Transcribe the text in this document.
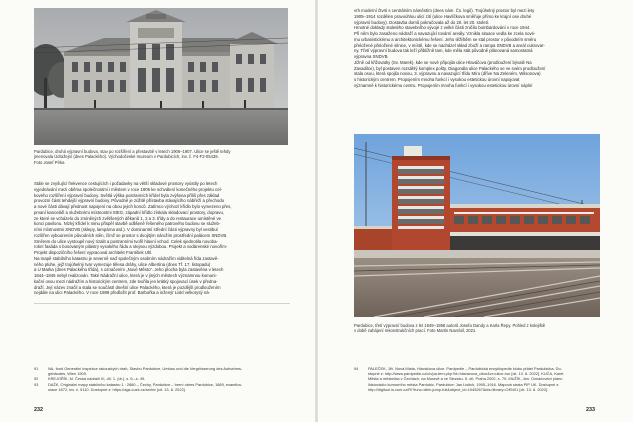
Pardubice, druhá výpravní budova, stav po rozšíření a přestavbě v letech 1906–1907. Ulice se ještě tehdy
jmenovala Údražejní (dnes Palackého). Východočeské muzeum v Pardubicích, inv. č. F4-F2-05439.
Foto Josef Pírka
Stále se zvyšující frekvence cestujících i požadavky na větší skladové prostory vyústily po letech
vyjednávání mezi oběma společnostmi i městem v roce 1905 ke schválení konečného projektu cel-
kového rozšíření výpravní budovy. Světlá výška postranních křídel byla zvýšena příliš přes základ
provozní části tehdejší výpravní budovy. Původně je zúžitě přístavba stávajícího nábřeží a přechodu
a nové části dávají přednost napojení na obou jejich konců. Zatímco výchozí křídlo bylo vymezeno přes,
prvaní kanceláři a služebními místnostmi StEG, západní křídlo získala skladovací prostory, dopravu,
ze které se vcházelo do zmíněných zvětšených děkanů 1, 2 a 3. třídy a do restaurace umístěné ve
konci pavilonu. Nízký křídel k nimu přispěl stavbě odlišeně řešeného patrového budovu se služeb-
ními místnostmi SNDVB (sklepy, lampárna atd.). V dominantní střední části výpravny byl vestibul
rozšířen vybourením původních stěn, čímž se prostor s dvojitým nárožím prostřední palácem SNDVB.
Směrem do ulice vystoupil nový rizalit a postranními tvořil hlavní vchod. Celek sjednotila novoba-
rokní fasáda s bosovaným pilastry vysokého řádu a stejnou výzdobou. Projekt a vodárenské novořím-
Projekt dispozičního řešení vypracoval architekt František Uhl.
Na mapě stabilního katastru je severně naď společným osobním nádražím viditelná řída zastavě-
ného pluhe, jejž trojúhelný tvar vymezuje tělesa dráhy, ulice Albertina (dnes Tř. 17. listopadu)
a U Marka (dnes Palackého třída), s označením „Nové Město“. Jeho plocha byla zastavěna v letech
1844–1845 nebyl realizován. Také Nádražní ulice, která je v jiných městech významnou komuni-
kační osou mezi nádražím a historickým centrem, zde tvořila jen krátký spojovací úsek v předna-
draží. Její název značil a stala se součástí dnešní ulice Palackého, která je pozdější prodloužením
nejdále na ulici Palackého. V roce 1889 předložit prof. Barbořka a inženýr Liskl velkorysý ná-
91	NA, fond Generální inspekce rakouských drah, Stavbu Pardubice, Umbau und die Vergrösserung des Aufnahms-
gebäudes, Wien 1905.
92	KREJOŘÍK, M. Česká nádraží III, díl. 1. (dr.), s. 6.–s. 49.
93	DAŽK, Originální mapy stabilního katastru 1 : 2880 – Čechy, Pardubice – berní obres Pardubice, 1889, examiba-
ulace 1872, inv. č. 5110. Dostupné z: https://ags.cuzk.cz/archiv [cit. 13. 8. 2022].
232
vrh moderní čtvrti s centrálním náměstím (dnes nám. Čs. legií). Trojúhelný prostor byl mezi lety
1905–1914 rozdělen pravoúhlou ulicí zití (ulice Havlíčkova směřuje přímo ke krajní ose druhé
výpravní budovy). Dostavba domů pokračovala až do 20. let 20. století.
Hmotné doklady stoletého stavebního vývoje z velké části zničilo bombardování v roce 1944.
Při něm bylo zasaženo nádraží a navazující tovární areály. Vznikla situace vedla ke zcela nové-
mu urbanistickému a architektonickému řešení. Jeho těžištěm se stal prostor v původním směru
přeložené přeložené silnice, v místě, kde se nacházel skład zboží a rampa SNDVB a areál cukrovar-
ny. Třetí výpravní budova tak leží přibližně tam, kde měla stát původně plánovaná samostatná
výpravna SNDVB.
Jižně od křižovatky (Sv. Marek), kde se nové připojila ulice Hlaváčova (prodloužení bývalé Na
Zavadilce), byl postaven rozsáhlý komplex pošty. Diagonála ulice Palackého se ve svém prodloužení
stala osou, která spojila novou, 3. výpravnu a navazující třídu Míru (dříve Na Zeleném, Wilsonova)
s historickým centrem. Propojením mnoha funkcí i vysokou estetickou úrovní napojovat
významně k historickému centru. Propojením mnoha funkcí i vysokou estetickou úrovní náplní
Pardubice, třetí výpravní budova z let 1949–1958 autorů Josefa Dandy a Karla Řepy. Pohled z kolejiště
v době zahájení rekonstrukčních prací. Foto Martin Navrátil, 2021.
94	PALEČEK, Jiří. Nová Místa, Hlaváčova ulice. Pardpedie – Pardubická encyklopedie klubu přátel Pardubicka. Do-
stupné z: http://www.pardpedie.cz/ch/pa-tem.php?id=hlavacova_ulice&cr=ulice-hur [cit. 13. 8. 2022]. KUČA, Karel.
Města a městečka v Čechách, na Moravě a ve Slezsku. 5. díl. Praha 2002, s. 70; MUŽÍK, Jan. Označování plánu
lidsiovádío komorního města Pardubic. Pardubice: Jan Lisitch, 1995–1916. Mapová strata PIP UK. Dostupné z:
http://digitool.is.cuni.cz/R/?func=dbin-jump-full&object_id=1045267&ids=library=OEN01 [cit. 13. 8. 2022].
233
